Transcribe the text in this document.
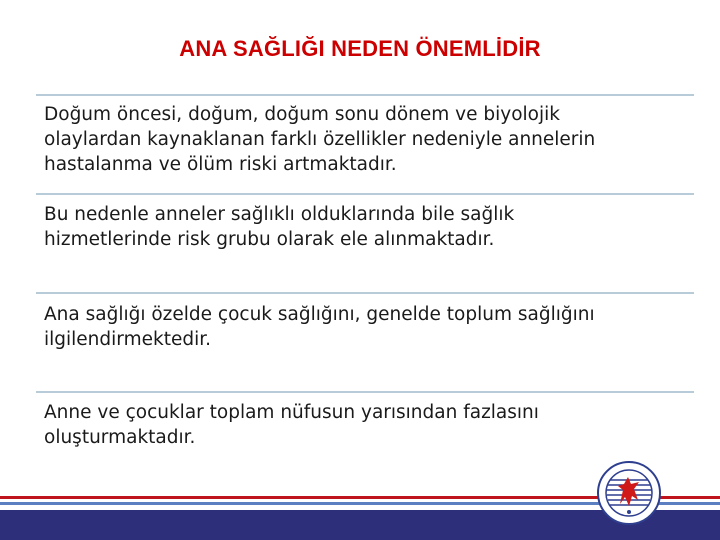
ANA SAĞLIĞI NEDEN ÖNEMLİDİR
Doğum öncesi, doğum, doğum sonu dönem ve biyolojik
olaylardan kaynaklanan farklı özellikler nedeniyle annelerin
hastalanma ve ölüm riski artmaktadır.
Bu nedenle anneler sağlıklı olduklarında bile sağlık
hizmetlerinde risk grubu olarak ele alınmaktadır.
Ana sağlığı özelde çocuk sağlığını, genelde toplum sağlığını
ilgilendirmektedir.
Anne ve çocuklar toplam nüfusun yarısından fazlasını
oluşturmaktadır.
